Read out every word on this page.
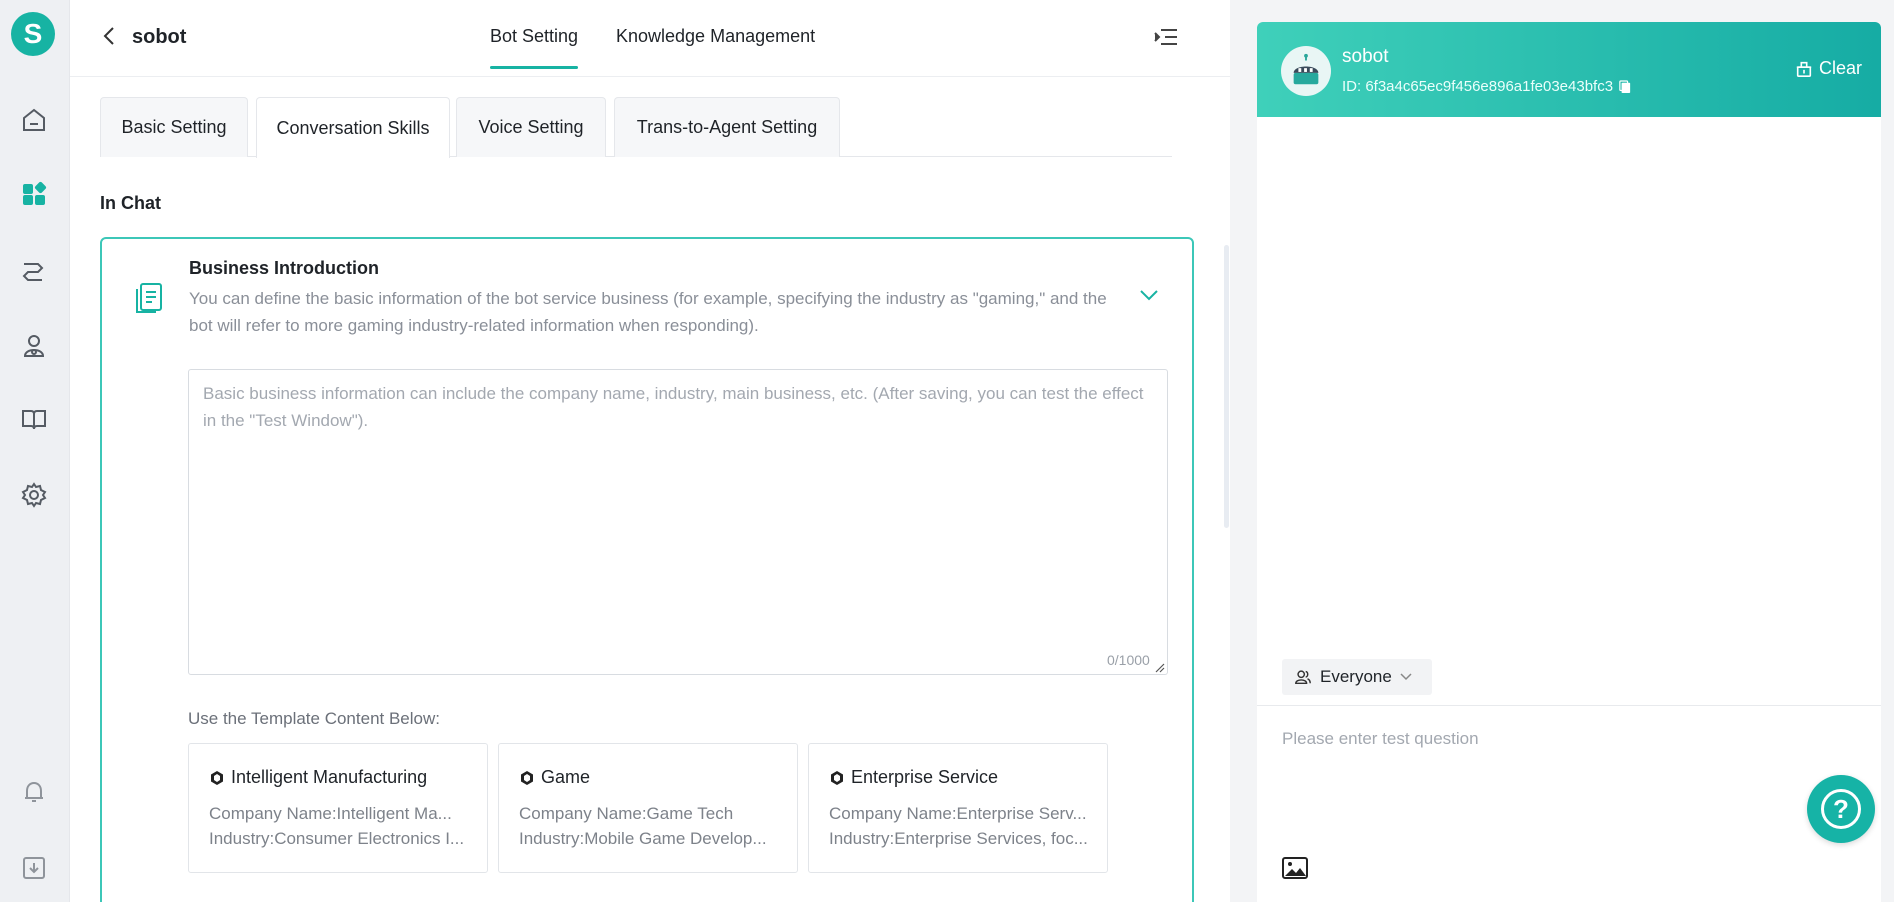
S	sobot	Bot Setting Knowledge Management
Basic Setting	Conversation Skills	Voice Setting	Trans-to-Agent Setting
In Chat
Business Introduction
You can define the basic information of the bot service business (for example, specifying the industry as "gaming," and the bot will refer to more gaming industry-related information when responding).
Basic business information can include the company name, industry, main business, etc. (After saving, you can test the effect in the "Test Window").
0/1000
Use the Template Content Below:
Intelligent Manufacturing
Company Name:Intelligent Ma...
Industry:Consumer Electronics I...
Game
Company Name:Game Tech
Industry:Mobile Game Develop...
Enterprise Service
Company Name:Enterprise Serv...
Industry:Enterprise Services, foc...
sobot
ID: 6f3a4c65ec9f456e896a1fe03e43bfc3
Clear
Everyone
Please enter test question
?
